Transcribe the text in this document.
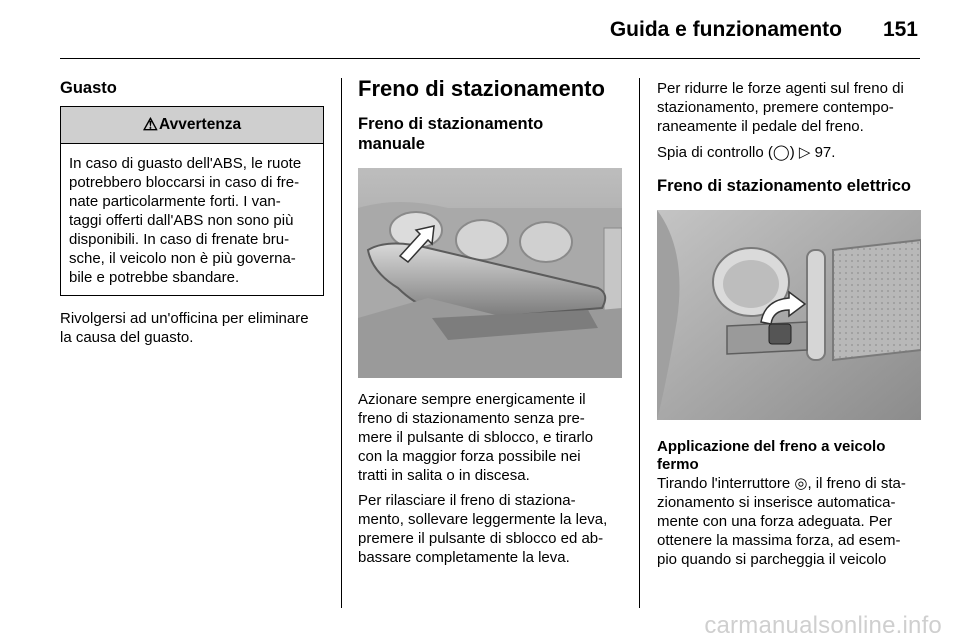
Guida e funzionamento 151

Guasto

⚠ Avvertenza
In caso di guasto dell'ABS, le ruote
potrebbero bloccarsi in caso di fre-
nate particolarmente forti. I van-
taggi offerti dall'ABS non sono più
disponibili. In caso di frenate bru-
sche, il veicolo non è più governa-
bile e potrebbe sbandare.

Rivolgersi ad un'officina per eliminare

la causa del guasto.

Freno di stazionamento

Freno di stazionamento

manuale

Azionare sempre energicamente il

freno di stazionamento senza pre-

mere il pulsante di sblocco, e tirarlo

con la maggior forza possibile nei

tratti in salita o in discesa.

Per rilasciare il freno di staziona-

mento, sollevare leggermente la leva,

premere il pulsante di sblocco ed ab-

bassare completamente la leva.

Per ridurre le forze agenti sul freno di

stazionamento, premere contempo-

raneamente il pedale del freno.

Spia di controllo (◯) ▷ 97.

Freno di stazionamento elettrico

Applicazione del freno a veicolo

fermo

Tirando l'interruttore ◎, il freno di sta-

zionamento si inserisce automatica-

mente con una forza adeguata. Per

ottenere la massima forza, ad esem-

pio quando si parcheggia il veicolo

carmanualsonline.info
